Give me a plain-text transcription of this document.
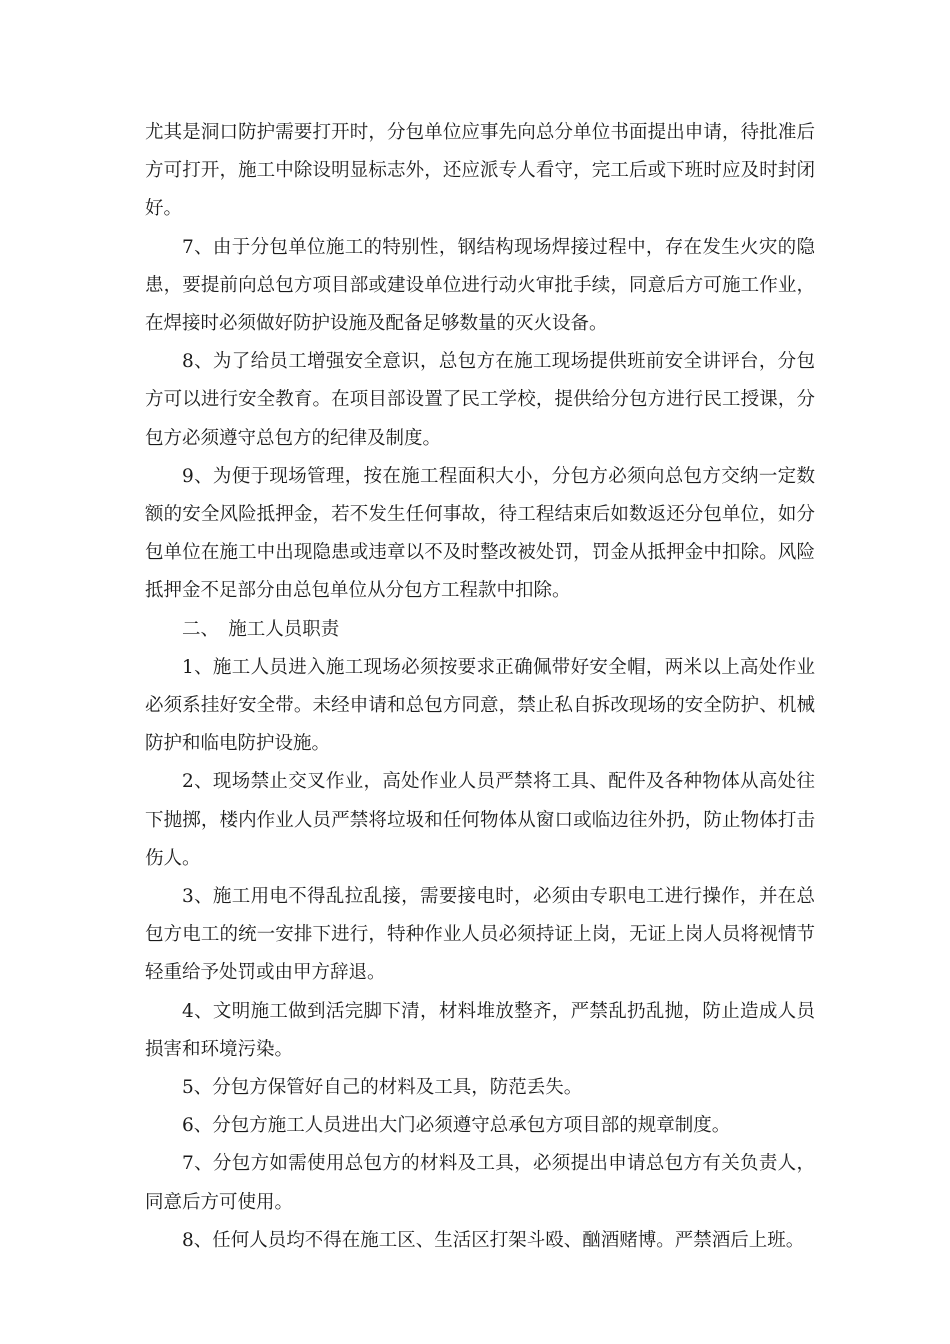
尤其是洞口防护需要打开时，分包单位应事先向总分单位书面提出申请，待批准后方可打开，施工中除设明显标志外，还应派专人看守，完工后或下班时应及时封闭好。

7、由于分包单位施工的特别性，钢结构现场焊接过程中，存在发生火灾的隐患，要提前向总包方项目部或建设单位进行动火审批手续，同意后方可施工作业，在焊接时必须做好防护设施及配备足够数量的灭火设备。

8、为了给员工增强安全意识，总包方在施工现场提供班前安全讲评台，分包方可以进行安全教育。在项目部设置了民工学校，提供给分包方进行民工授课，分包方必须遵守总包方的纪律及制度。

9、为便于现场管理，按在施工程面积大小，分包方必须向总包方交纳一定数额的安全风险抵押金，若不发生任何事故，待工程结束后如数返还分包单位，如分包单位在施工中出现隐患或违章以不及时整改被处罚，罚金从抵押金中扣除。风险抵押金不足部分由总包单位从分包方工程款中扣除。

二、　施工人员职责

1、施工人员进入施工现场必须按要求正确佩带好安全帽，两米以上高处作业必须系挂好安全带。未经申请和总包方同意，禁止私自拆改现场的安全防护、机械防护和临电防护设施。

2、现场禁止交叉作业，高处作业人员严禁将工具、配件及各种物体从高处往下抛掷，楼内作业人员严禁将垃圾和任何物体从窗口或临边往外扔，防止物体打击伤人。

3、施工用电不得乱拉乱接，需要接电时，必须由专职电工进行操作，并在总包方电工的统一安排下进行，特种作业人员必须持证上岗，无证上岗人员将视情节轻重给予处罚或由甲方辞退。

4、文明施工做到活完脚下清，材料堆放整齐，严禁乱扔乱抛，防止造成人员损害和环境污染。

5、分包方保管好自己的材料及工具，防范丢失。

6、分包方施工人员进出大门必须遵守总承包方项目部的规章制度。

7、分包方如需使用总包方的材料及工具，必须提出申请总包方有关负责人，同意后方可使用。

8、任何人员均不得在施工区、生活区打架斗殴、酗酒赌博。严禁酒后上班。
